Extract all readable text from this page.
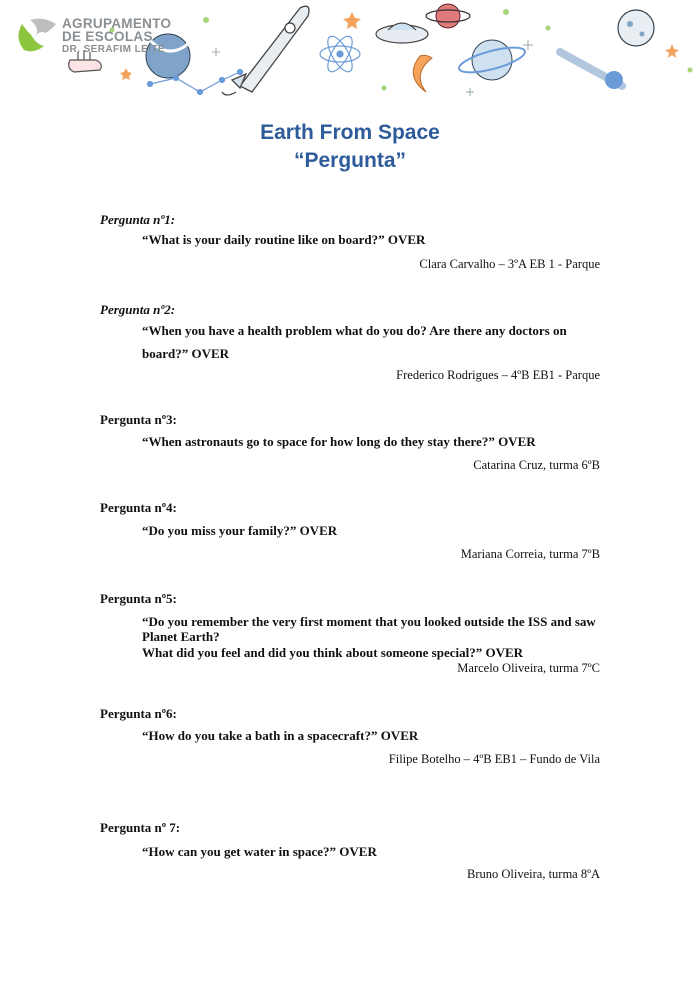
AGRUPAMENTO
DE ESCOLAS
DR. SERAFIM LEITE
Earth From Space
“Pergunta”
Pergunta nº1:
“What is your daily routine like on board?” OVER
Clara Carvalho – 3ºA EB 1 - Parque
Pergunta nº2:
“When you have a health problem what do you do? Are there any doctors on board?” OVER
Frederico Rodrigues – 4ºB EB1 - Parque
Pergunta nº3:
“When astronauts go to space for how long do they stay there?” OVER
Catarina Cruz, turma 6ºB
Pergunta nº4:
“Do you miss your family?” OVER
Mariana Correia, turma 7ºB
Pergunta nº5:
“Do you remember the very first moment that you looked outside the ISS and saw Planet Earth?
What did you feel and did you think about someone special?” OVER
Marcelo Oliveira, turma 7ºC
Pergunta nº6:
“How do you take a bath in a spacecraft?” OVER
Filipe Botelho – 4ºB EB1 – Fundo de Vila
Pergunta nº 7:
“How can you get water in space?” OVER
Bruno Oliveira, turma 8ºA
